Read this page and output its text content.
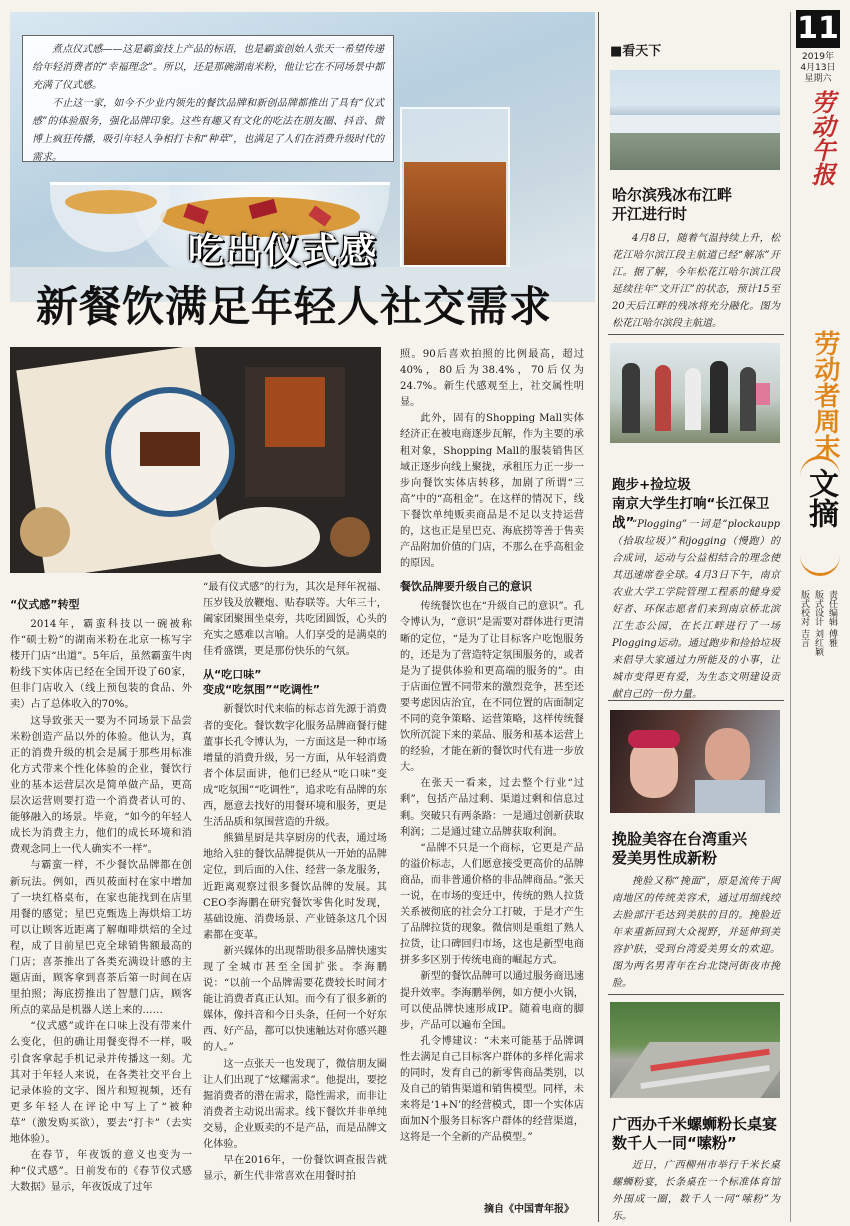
煮点仪式感——这是霸蛮技上产品的标语，也是霸蛮创始人张天一希望传递给年轻消费者的“幸福理念”。所以，还是那碗湖南米粉，他让它在不同场景中都充满了仪式感。

不止这一家，如今不少业内领先的餐饮品牌和新创品牌都推出了具有“仪式感”的体验服务，强化品牌印象。这些有趣又有文化的吃法在朋友圈、抖音、微博上疯狂传播，吸引年轻人争相打卡和“种草”，也满足了人们在消费升级时代的需求。

吃出仪式感
新餐饮满足年轻人社交需求
“仪式感”转型

2014年，霸蛮科技以一碗被称作“硕士粉”的湖南米粉在北京一栋写字楼开门店“出道”。5年后，虽然霸蛮牛肉粉线下实体店已经在全国开设了60家，但非门店收入（线上预包装的食品、外卖）占了总体收入的70%。

这导致张天一要为不同场景下品尝米粉创造产品以外的体验。他认为，真正的消费升级的机会是属于那些用标准化方式带来个性化体验的企业，餐饮行业的基本运营层次是简单做产品，更高层次运营则要打造一个消费者认可的、能够融入的场景。毕竟，“如今的年轻人成长为消费主力，他们的成长环境和消费观念同上一代人确实不一样”。

与霸蛮一样，不少餐饮品牌都在创新玩法。例如，西贝莜面村在家中增加了一块红格桌布，在家也能找到在店里用餐的感觉；星巴克甄选上海烘焙工坊可以让顾客近距离了解咖啡烘焙的全过程，成了目前星巴克全球销售额最高的门店；喜茶推出了各类充满设计感的主题店面，顾客拿到喜茶后第一时间在店里拍照；海底捞推出了智慧门店，顾客所点的菜品是机器人送上来的……

“仪式感”或许在口味上没有带来什么变化，但的确让用餐变得不一样，吸引食客拿起手机记录并传播这一刻。尤其对于年轻人来说，在各类社交平台上记录体验的文字、图片和短视频，还有更多年轻人在评论中写上了“被种草”（激发购买欲），要去“打卡”（去实地体验）。

在春节，年夜饭的意义也变为一种“仪式感”。日前发布的《春节仪式感大数据》显示，年夜饭成了过年

“最有仪式感”的行为，其次是拜年祝福、压岁钱及放鞭炮、贴春联等。大年三十，阖家团聚围坐桌旁，共吃团圆饭，心头的充实之感难以言喻。人们享受的是满桌的佳肴盛馔，更是那份快乐的气氛。

从“吃口味”
变成“吃氛围”“吃调性”

新餐饮时代来临的标志首先源于消费者的变化。餐饮数字化服务品牌商餐行健董事长孔令博认为，一方面这是一种市场增量的消费升级，另一方面，从年轻消费者个体层面讲，他们已经从“吃口味”变成“吃氛围”“吃调性”，追求吃有品牌的东西，愿意去找好的用餐环境和服务，更是生活品质和氛围营造的升级。

熊猫星厨是共享厨房的代表，通过场地给入驻的餐饮品牌提供从一开始的品牌定位，到后面的入住、经营一条龙服务，近距离观察过很多餐饮品牌的发展。其CEO李海鹏在研究餐饮零售化时发现，基础设施、消费场景、产业链条这几个因素都在变革。

新兴媒体的出现帮助很多品牌快速实现了全城市甚至全国扩张。李海鹏说：“以前一个品牌需要花费较长时间才能让消费者真正认知。而今有了很多新的媒体，像抖音和今日头条，任何一个好东西、好产品，都可以快速触达对你感兴趣的人。”

这一点张天一也发现了，微信朋友圈让人们出现了“炫耀需求”。他提出，要挖掘消费者的潜在需求，隐性需求，而非让消费者主动说出需求。线下餐饮并非单纯交易，企业贩卖的不是产品，而是品牌文化体验。

早在2016年，一份餐饮调查报告就显示，新生代非常喜欢在用餐时拍

照。90后喜欢拍照的比例最高，超过40%，80后为38.4%，70后仅为24.7%。新生代感观至上，社交属性明显。

此外，固有的Shopping Mall实体经济正在被电商逐步瓦解，作为主要的承租对象，Shopping Mall的服装销售区域正逐步向线上聚拢，承租压力正一步一步向餐饮实体店转移，加剧了所谓“三高”中的“高租金”。在这样的情况下，线下餐饮单纯贩卖商品是不足以支持运营的，这也正是星巴克、海底捞等善于售卖产品附加价值的门店，不那么在乎高租金的原因。

餐饮品牌要升级自己的意识

传统餐饮也在“升级自己的意识”。孔令博认为，“意识”是需要对群体进行更清晰的定位，“是为了让目标客户吃饱服务的，还是为了营造特定氛围服务的，或者是为了提供体验和更高端的服务的”。由于店面位置不同带来的激烈竞争，甚至还要考虑因店治宜，在不同位置的店面制定不同的竞争策略、运营策略，这样传统餐饮所沉淀下来的菜品、服务和基本运营上的经验，才能在新的餐饮时代有进一步放大。

在张天一看来，过去整个行业“过剩”，包括产品过剩、渠道过剩和信息过剩。突破只有两条路：一是通过创新获取利润；二是通过建立品牌获取利润。

“品牌不只是一个商标，它更是产品的溢价标志，人们愿意接受更高价的品牌商品，而非普通价格的非品牌商品。”张天一说，在市场的变迁中，传统的熟人拉货关系被彻底的社会分工打破，于是才产生了品牌拉货的现象。微信则是重组了熟人拉货，让口碑回归市场，这也是新型电商拼多多区别于传统电商的崛起方式。

新型的餐饮品牌可以通过服务商迅速提升效率。李海鹏举例，如方便小火锅，可以使品牌快速形成IP。随着电商的脚步，产品可以遍布全国。

孔令博建议：“未来可能基于品牌调性去满足自己目标客户群体的多样化需求的同时，发育自己的新零售商品类别，以及自己的销售渠道和销售模型。同样，未来将是‘1+N’的经营模式，即一个实体店面加N个服务目标客户群体的经营渠道，这将是一个全新的产品模型。”

摘自《中国青年报》
■看天下
哈尔滨残冰布江畔
开江进行时
4月8日，随着气温持续上升，松花江哈尔滨江段主航道已经“解冻”开江。据了解，今年松花江哈尔滨江段延续往年“文开江”的状态，预计15至20天后江畔的残冰将充分融化。图为松花江哈尔滨段主航道。
跑步+捡垃圾
南京大学生打响“长江保卫战”
“Plogging”一词是“plockaupp（拾取垃圾）”和jogging（慢跑）的合成词，运动与公益相结合的理念使其迅速席卷全球。4月3日下午，南京农业大学工学院管理工程系的健身爱好者、环保志愿者们来到南京桥北滨江生态公园，在长江畔进行了一场Plogging运动。通过跑步和捡拾垃圾来倡导大家通过力所能及的小事，让城市变得更有爱，为生态文明建设贡献自己的一份力量。
挽脸美容在台湾重兴
爱美男性成新粉
挽脸又称“挽面”，原是流传于闽南地区的传统美容术，通过用细线绞去脸部汗毛达到美肤的目的。挽脸近年来重新回到大众视野，并延伸到美容护肤，受到台湾爱美男女的欢迎。图为两名男青年在台北饶河街夜市挽脸。
广西办千米螺蛳粉长桌宴
数千人一同“嗦粉”
近日，广西柳州市举行千米长桌螺蛳粉宴，长条桌在一个标准体育馆外围成一圈，数千人一同“嗦粉”为乐。
11
2019年
4月13日
星期六
劳动午报
劳动者周末
文摘
责任编辑 傅雅
版式设计 刘红颖
版式校对 吉言
